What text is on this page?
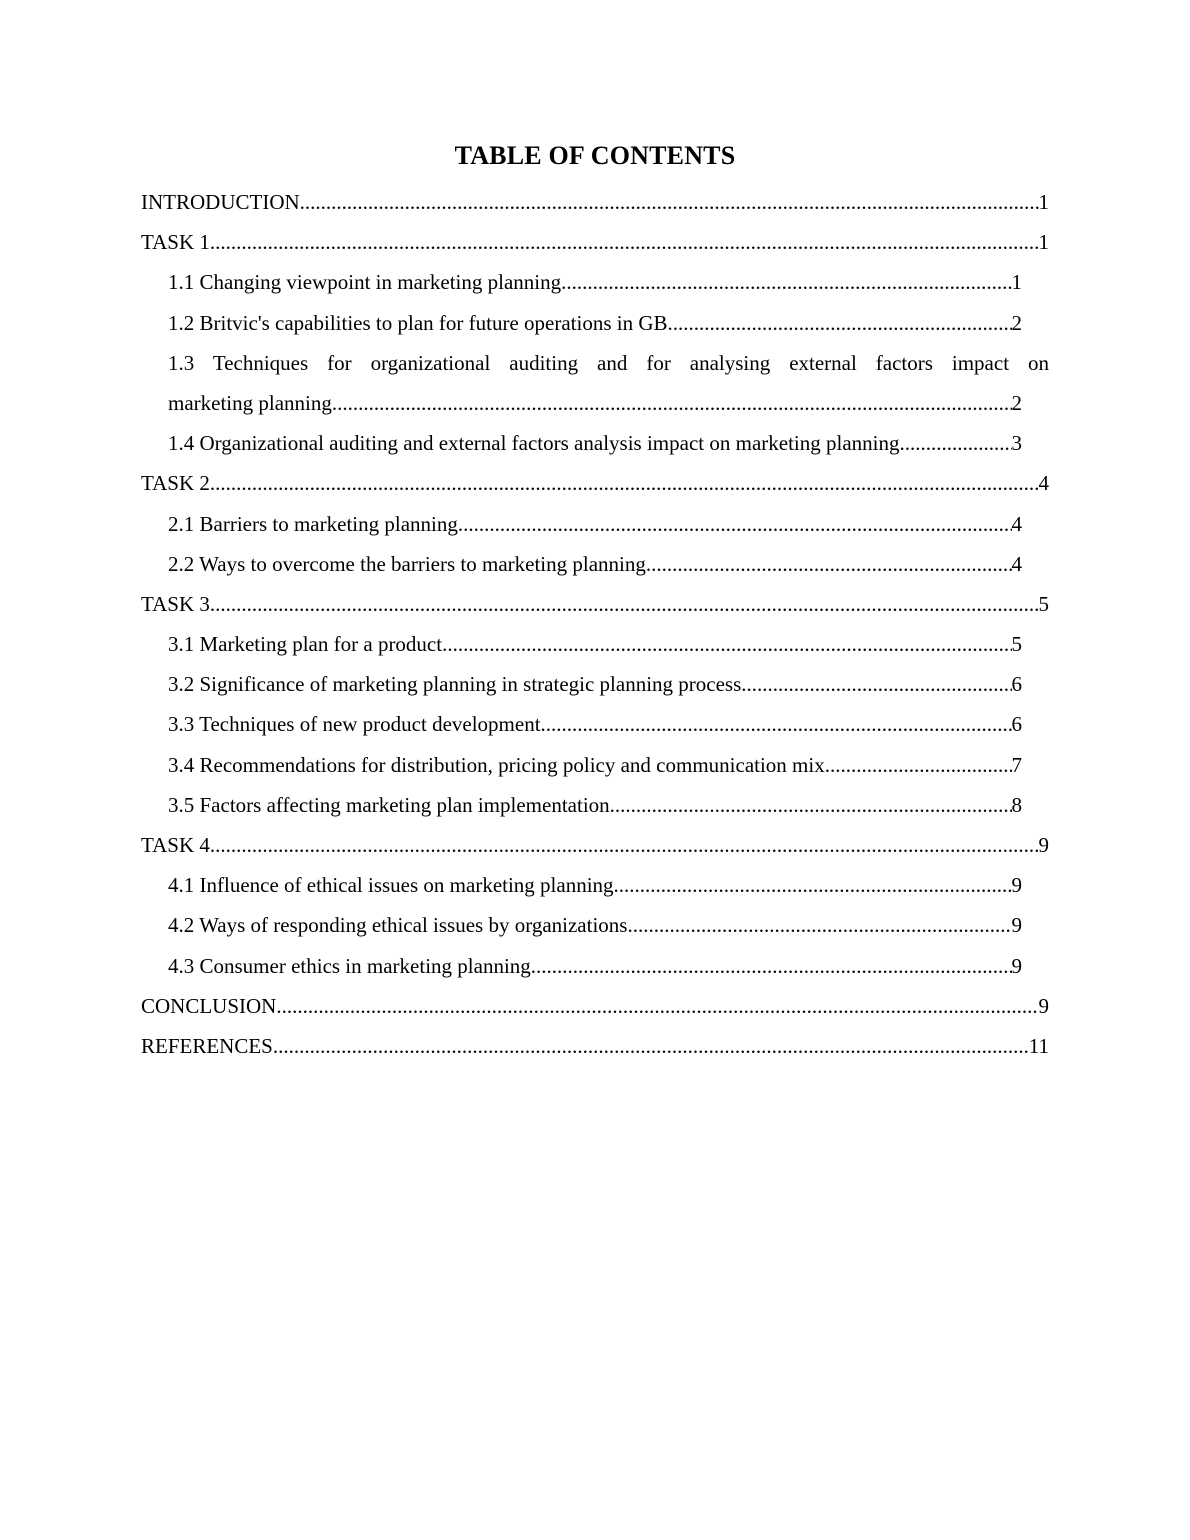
TABLE OF CONTENTS
INTRODUCTION .....	1
TASK 1 .....	1
1.1 Changing viewpoint in marketing planning .....	1
1.2 Britvic's capabilities to plan for future operations in GB .....	2
1.3 Techniques for organizational auditing and for analysing external factors impact on
marketing planning .....	2
1.4 Organizational auditing and external factors analysis impact on marketing planning .....	3
TASK 2 .....	4
2.1 Barriers to marketing planning .....	4
2.2 Ways to overcome the barriers to marketing planning .....	4
TASK 3 .....	5
3.1 Marketing plan for a product .....	5
3.2 Significance of marketing planning in strategic planning process .....	6
3.3 Techniques of new product development .....	6
3.4 Recommendations for distribution, pricing policy and communication mix .....	7
3.5 Factors affecting marketing plan implementation .....	8
TASK 4 .....	9
4.1 Influence of ethical issues on marketing planning .....	9
4.2 Ways of responding ethical issues by organizations .....	9
4.3 Consumer ethics in marketing planning .....	9
CONCLUSION .....	9
REFERENCES .....	11
